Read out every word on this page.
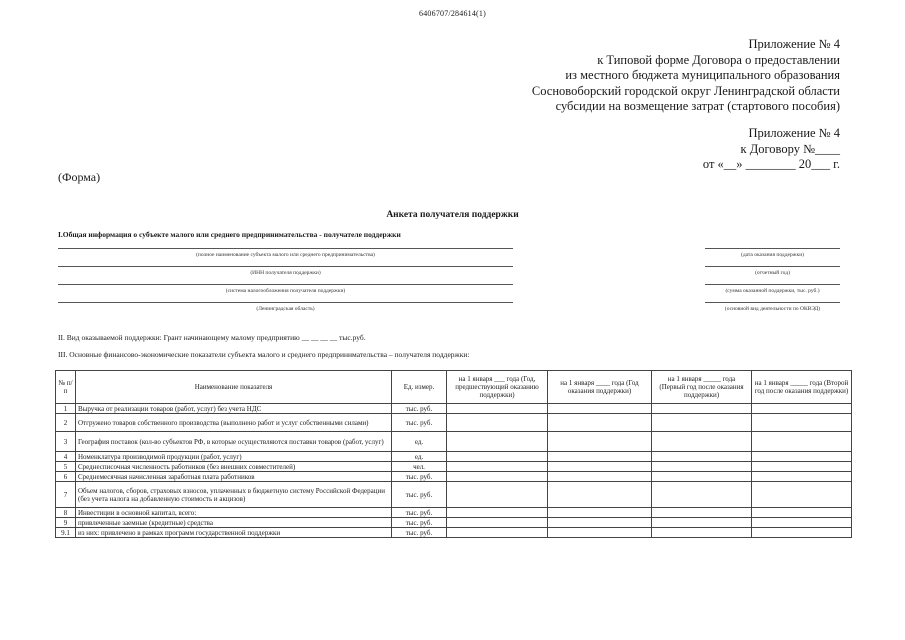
6406707/284614(1)
Приложение № 4
к Типовой форме Договора о предоставлении
из местного бюджета муниципального образования
Сосновоборский городской округ Ленинградской области
субсидии на возмещение затрат (стартового пособия)
Приложение № 4
к Договору №____
от «__» ________ 20___ г.
(Форма)
Анкета получателя поддержки
I.Общая информация о субъекте малого или среднего предпринимательства - получателе поддержки
(полное наименование субъекта малого или среднего предпринимательства)
(ИНН получателя поддержки)
(система налогообложения получателя поддержки)
(Ленинградская область)
(дата оказания поддержки)
(отчетный год)
(сумма оказанной поддержки, тыс. руб.)
(основной вид деятельности по ОКВЭД)
II. Вид оказываемой поддержки: Грант начинающему малому предприятию __ __ __ __ тыс.руб.
III. Основные финансово-экономические показатели субъекта малого и среднего предпринимательства – получателя поддержки:
№ п/п	Наименование показателя	Ед. измер.	на 1 января ___ года (Год, предшествующий оказанию поддержки)	на 1 января ____ года (Год оказания поддержки)	на 1 января _____ года (Первый год после оказания поддержки)	на 1 января _____ года (Второй год после оказания поддержки)
1	Выручка от реализации товаров (работ, услуг) без учета НДС	тыс. руб.				
2	Отгружено товаров собственного производства (выполнено работ и услуг собственными силами)	тыс. руб.				
3	География поставок (кол-во субъектов РФ, в которые осуществляются поставки товаров (работ, услуг)	ед.				
4	Номенклатура производимой продукции (работ, услуг)	ед.				
5	Среднесписочная численность работников (без внешних совместителей)	чел.				
6	Среднемесячная начисленная заработная плата работников	тыс. руб.				
7	Объем налогов, сборов, страховых взносов, уплаченных в бюджетную систему Российской Федерации (без учета налога на добавленную стоимость и акцизов)	тыс. руб.				
8	Инвестиции в основной капитал, всего:	тыс. руб.				
9	привлеченные заемные (кредитные) средства	тыс. руб.				
9.1	из них: привлечено в рамках программ государственной поддержки	тыс. руб.				
